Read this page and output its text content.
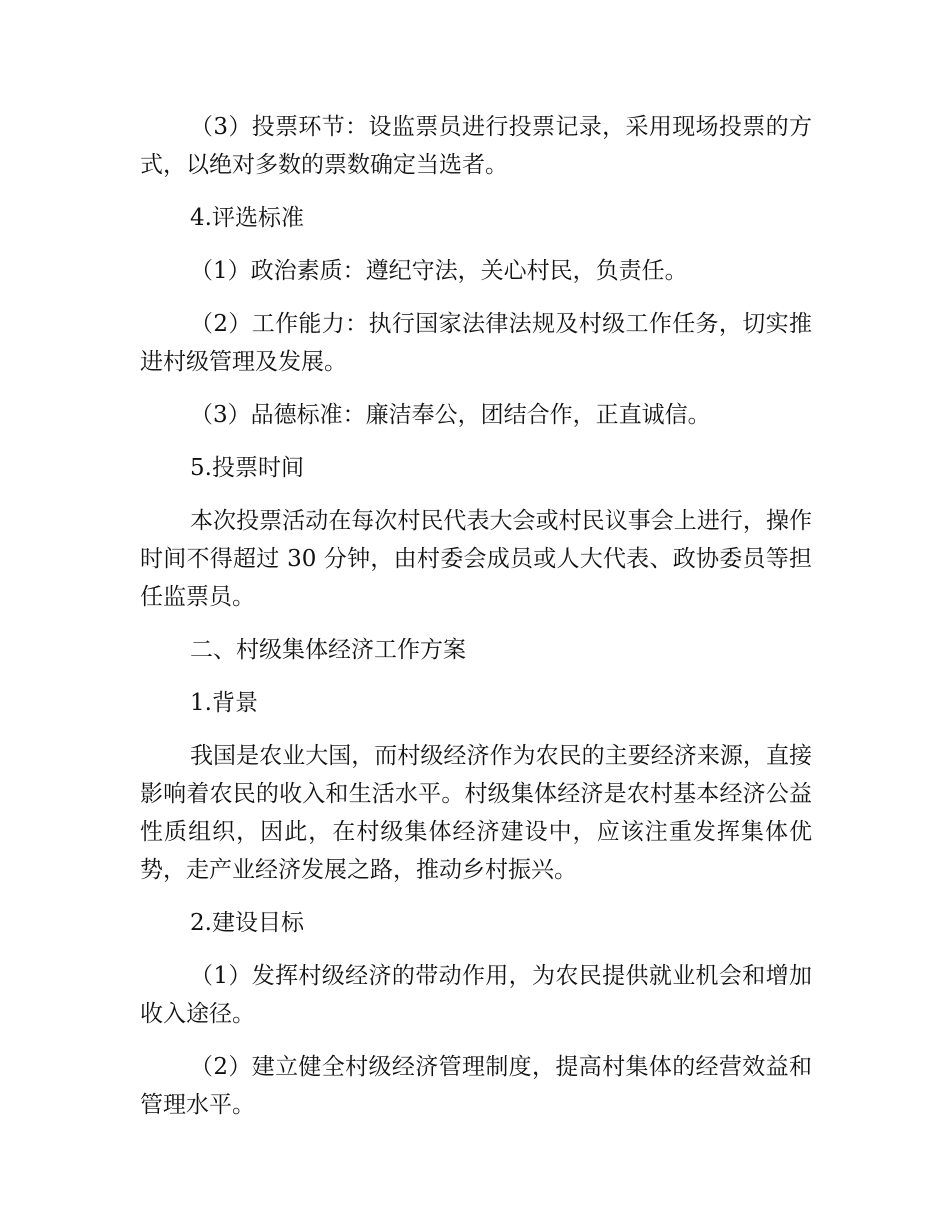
（3）投票环节：设监票员进行投票记录，采用现场投票的方式，以绝对多数的票数确定当选者。

4.评选标准

（1）政治素质：遵纪守法，关心村民，负责任。

（2）工作能力：执行国家法律法规及村级工作任务，切实推进村级管理及发展。

（3）品德标准：廉洁奉公，团结合作，正直诚信。

5.投票时间

本次投票活动在每次村民代表大会或村民议事会上进行，操作时间不得超过 30 分钟，由村委会成员或人大代表、政协委员等担任监票员。

二、村级集体经济工作方案

1.背景

我国是农业大国，而村级经济作为农民的主要经济来源，直接影响着农民的收入和生活水平。村级集体经济是农村基本经济公益性质组织，因此，在村级集体经济建设中，应该注重发挥集体优势，走产业经济发展之路，推动乡村振兴。

2.建设目标

（1）发挥村级经济的带动作用，为农民提供就业机会和增加收入途径。

（2）建立健全村级经济管理制度，提高村集体的经营效益和管理水平。
